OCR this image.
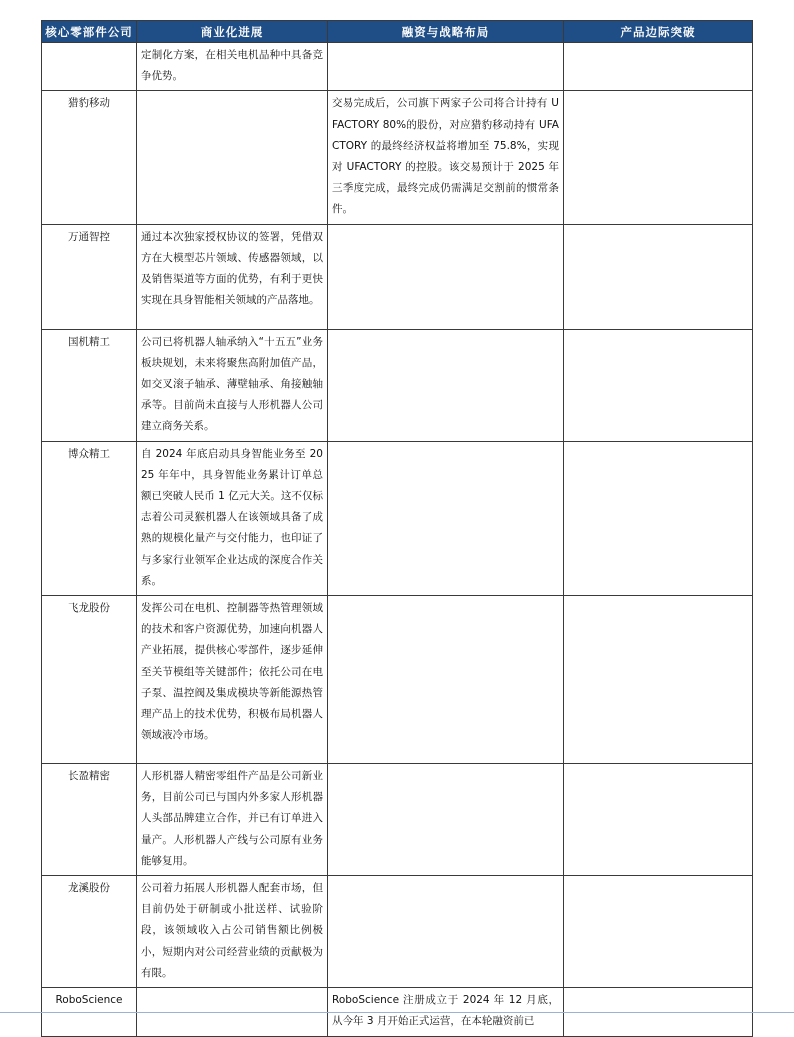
核心零部件公司	商业化进展	融资与战略布局	产品边际突破
	定制化方案，在相关电机品种中具备竞争优势。		
猎豹移动		交易完成后，公司旗下两家子公司将合计持有 UFACTORY 80%的股份，对应猎豹移动持有 UFACTORY 的最终经济权益将增加至 75.8%，实现对 UFACTORY 的控股。该交易预计于 2025 年三季度完成，最终完成仍需满足交割前的惯常条件。	
万通智控	通过本次独家授权协议的签署，凭借双方在大模型芯片领域、传感器领域，以及销售渠道等方面的优势，有利于更快实现在具身智能相关领域的产品落地。		
国机精工	公司已将机器人轴承纳入“十五五”业务板块规划，未来将聚焦高附加值产品，如交叉滚子轴承、薄壁轴承、角接触轴承等。目前尚未直接与人形机器人公司建立商务关系。		
博众精工	自 2024 年底启动具身智能业务至 2025 年年中，具身智能业务累计订单总额已突破人民币 1 亿元大关。这不仅标志着公司灵猴机器人在该领域具备了成熟的规模化量产与交付能力，也印证了与多家行业领军企业达成的深度合作关系。		
飞龙股份	发挥公司在电机、控制器等热管理领域的技术和客户资源优势，加速向机器人产业拓展，提供核心零部件，逐步延伸至关节模组等关键部件；依托公司在电子泵、温控阀及集成模块等新能源热管理产品上的技术优势，积极布局机器人领域液冷市场。		
长盈精密	人形机器人精密零组件产品是公司新业务，目前公司已与国内外多家人形机器人头部品牌建立合作，并已有订单进入量产。人形机器人产线与公司原有业务能够复用。		
龙溪股份	公司着力拓展人形机器人配套市场，但目前仍处于研制或小批送样、试验阶段，该领域收入占公司销售额比例极小，短期内对公司经营业绩的贡献极为有限。		
RoboScience		RoboScience 注册成立于 2024 年 12 月底，从今年 3 月开始正式运营，在本轮融资前已	
